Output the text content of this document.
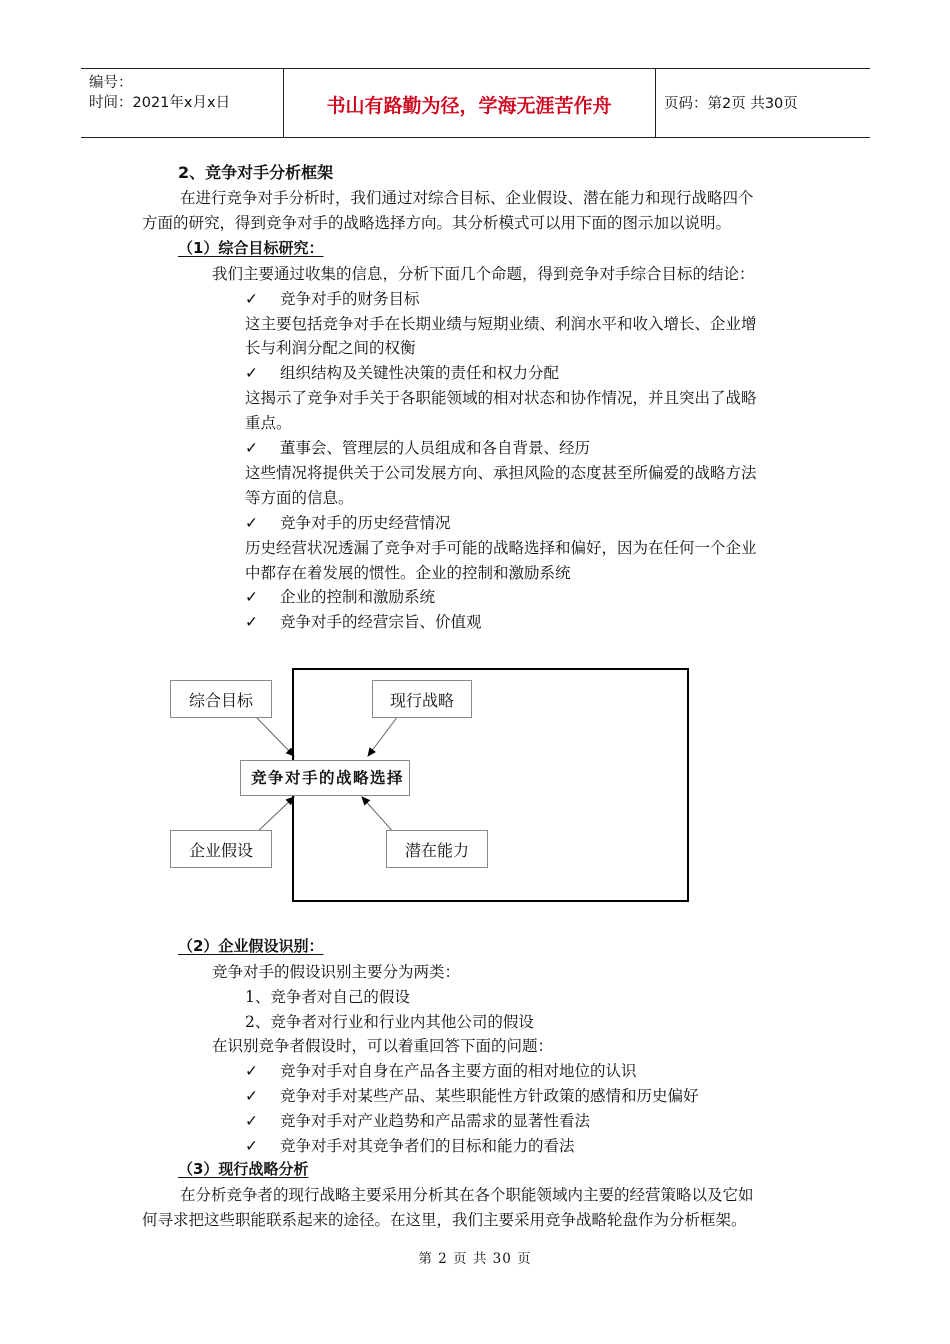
编号：
时间：2021年x月x日	书山有路勤为径，学海无涯苦作舟	页码：第2页 共30页
2、竞争对手分析框架
在进行竞争对手分析时，我们通过对综合目标、企业假设、潜在能力和现行战略四个
方面的研究，得到竞争对手的战略选择方向。其分析模式可以用下面的图示加以说明。
（1）综合目标研究：
我们主要通过收集的信息，分析下面几个命题，得到竞争对手综合目标的结论：
✓ 竞争对手的财务目标
这主要包括竞争对手在长期业绩与短期业绩、利润水平和收入增长、企业增
长与利润分配之间的权衡
✓ 组织结构及关键性决策的责任和权力分配
这揭示了竞争对手关于各职能领域的相对状态和协作情况，并且突出了战略
重点。
✓ 董事会、管理层的人员组成和各自背景、经历
这些情况将提供关于公司发展方向、承担风险的态度甚至所偏爱的战略方法
等方面的信息。
✓ 竞争对手的历史经营情况
历史经营状况透漏了竞争对手可能的战略选择和偏好，因为在任何一个企业
中都存在着发展的惯性。企业的控制和激励系统
✓ 企业的控制和激励系统
✓ 竞争对手的经营宗旨、价值观
综合目标	现行战略
企业假设	潜在能力
竞争对手的战略选择
（2）企业假设识别：
竞争对手的假设识别主要分为两类：
1、竞争者对自己的假设
2、竞争者对行业和行业内其他公司的假设
在识别竞争者假设时，可以着重回答下面的问题：
✓ 竞争对手对自身在产品各主要方面的相对地位的认识
✓ 竞争对手对某些产品、某些职能性方针政策的感情和历史偏好
✓ 竞争对手对产业趋势和产品需求的显著性看法
✓ 竞争对手对其竞争者们的目标和能力的看法
（3）现行战略分析
在分析竞争者的现行战略主要采用分析其在各个职能领域内主要的经营策略以及它如
何寻求把这些职能联系起来的途径。在这里，我们主要采用竞争战略轮盘作为分析框架。
第 2 页 共 30 页
